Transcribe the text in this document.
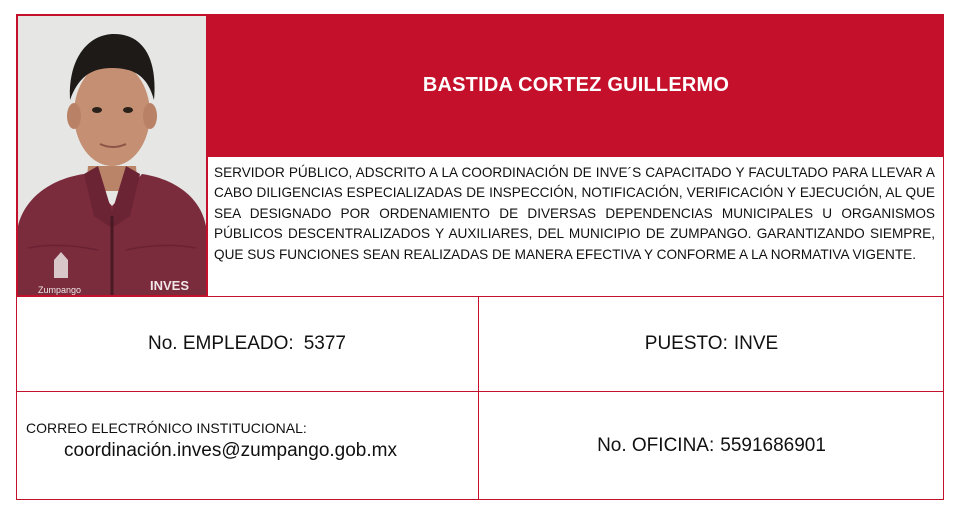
Zumpango	INVES
BASTIDA CORTEZ GUILLERMO

SERVIDOR PÚBLICO, ADSCRITO A LA COORDINACIÓN DE INVE´S CAPACITADO Y FACULTADO PARA LLEVAR A CABO DILIGENCIAS ESPECIALIZADAS DE INSPECCIÓN, NOTIFICACIÓN, VERIFICACIÓN Y EJECUCIÓN, AL QUE SEA DESIGNADO POR ORDENAMIENTO DE DIVERSAS DEPENDENCIAS MUNICIPALES U ORGANISMOS PÚBLICOS DESCENTRALIZADOS Y AUXILIARES, DEL MUNICIPIO DE ZUMPANGO. GARANTIZANDO SIEMPRE, QUE SUS FUNCIONES SEAN REALIZADAS DE MANERA EFECTIVA Y CONFORME A LA NORMATIVA VIGENTE.

No. EMPLEADO: 5377	PUESTO: INVE
CORREO ELECTRÓNICO INSTITUCIONAL:
coordinación.inves@zumpango.gob.mx	No. OFICINA: 5591686901
